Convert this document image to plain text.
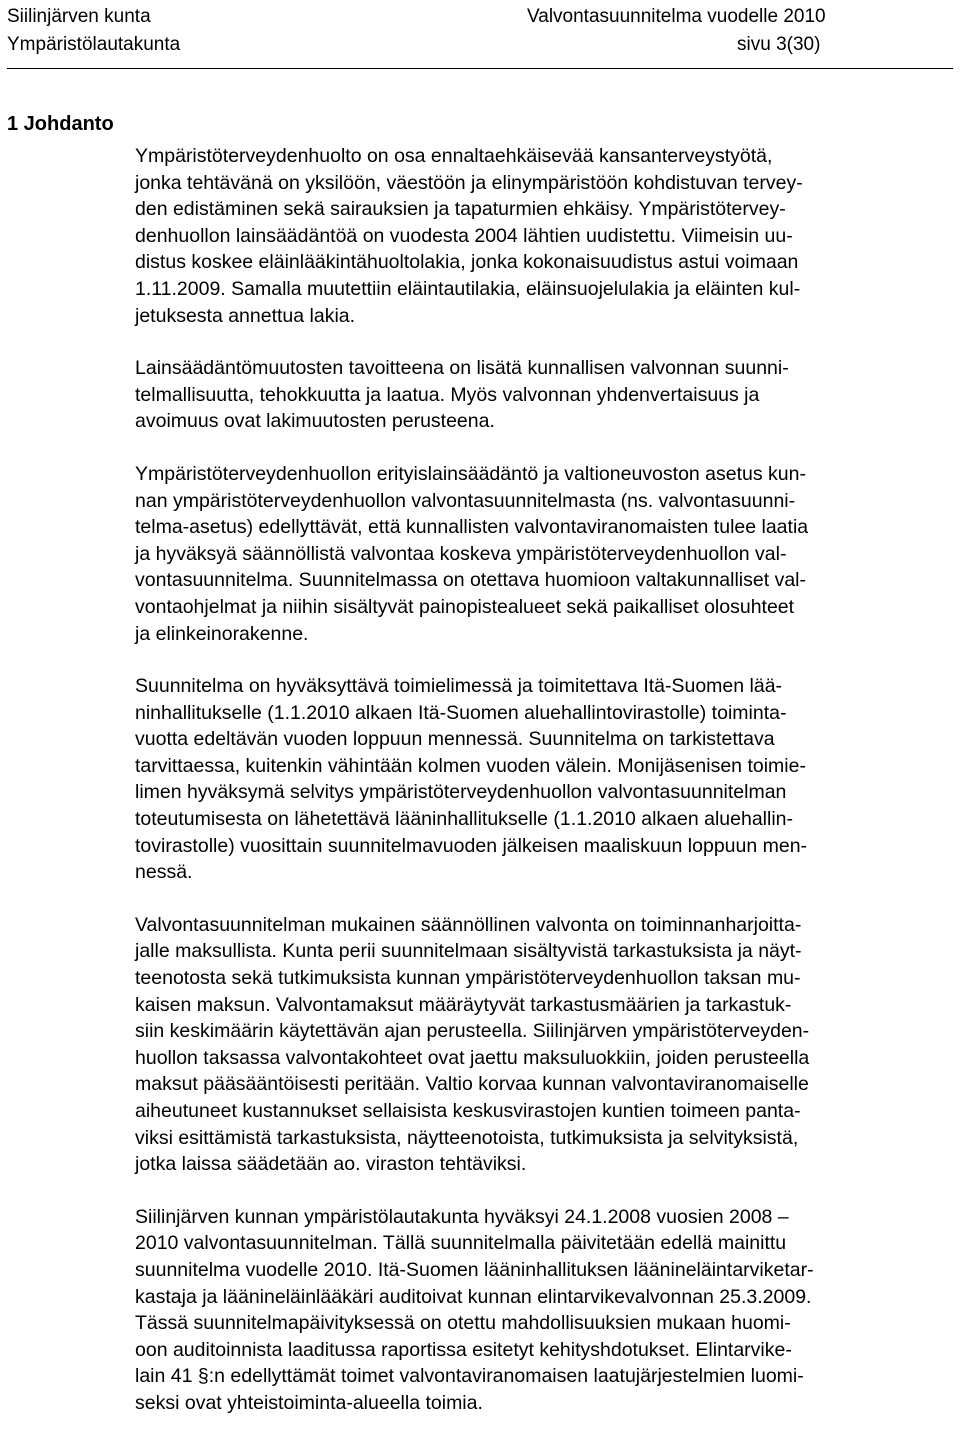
Siilinjärven kunta
Ympäristölautakunta
Valvontasuunnitelma vuodelle 2010
sivu 3(30)
1 Johdanto

Ympäristöterveydenhuolto on osa ennaltaehkäisevää kansanterveystyötä,
jonka tehtävänä on yksilöön, väestöön ja elinympäristöön kohdistuvan tervey-
den edistäminen sekä sairauksien ja tapaturmien ehkäisy. Ympäristötervey-
denhuollon lainsäädäntöä on vuodesta 2004 lähtien uudistettu. Viimeisin uu-
distus koskee eläinlääkintähuoltolakia, jonka kokonaisuudistus astui voimaan
1.11.2009. Samalla muutettiin eläintautilakia, eläinsuojelulakia ja eläinten kul-
jetuksesta annettua lakia.

Lainsäädäntömuutosten tavoitteena on lisätä kunnallisen valvonnan suunni-
telmallisuutta, tehokkuutta ja laatua. Myös valvonnan yhdenvertaisuus ja
avoimuus ovat lakimuutosten perusteena.

Ympäristöterveydenhuollon erityislainsäädäntö ja valtioneuvoston asetus kun-
nan ympäristöterveydenhuollon valvontasuunnitelmasta (ns. valvontasuunni-
telma-asetus) edellyttävät, että kunnallisten valvontaviranomaisten tulee laatia
ja hyväksyä säännöllistä valvontaa koskeva ympäristöterveydenhuollon val-
vontasuunnitelma. Suunnitelmassa on otettava huomioon valtakunnalliset val-
vontaohjelmat ja niihin sisältyvät painopistealueet sekä paikalliset olosuhteet
ja elinkeinorakenne.

Suunnitelma on hyväksyttävä toimielimessä ja toimitettava Itä-Suomen lää-
ninhallitukselle (1.1.2010 alkaen Itä-Suomen aluehallintovirastolle) toiminta-
vuotta edeltävän vuoden loppuun mennessä. Suunnitelma on tarkistettava
tarvittaessa, kuitenkin vähintään kolmen vuoden välein. Monijäsenisen toimie-
limen hyväksymä selvitys ympäristöterveydenhuollon valvontasuunnitelman
toteutumisesta on lähetettävä lääninhallitukselle (1.1.2010 alkaen aluehallin-
tovirastolle) vuosittain suunnitelmavuoden jälkeisen maaliskuun loppuun men-
nessä.

Valvontasuunnitelman mukainen säännöllinen valvonta on toiminnanharjoitta-
jalle maksullista. Kunta perii suunnitelmaan sisältyvistä tarkastuksista ja näyt-
teenotosta sekä tutkimuksista kunnan ympäristöterveydenhuollon taksan mu-
kaisen maksun. Valvontamaksut määräytyvät tarkastusmäärien ja tarkastuk-
siin keskimäärin käytettävän ajan perusteella. Siilinjärven ympäristöterveyden-
huollon taksassa valvontakohteet ovat jaettu maksuluokkiin, joiden perusteella
maksut pääsääntöisesti peritään. Valtio korvaa kunnan valvontaviranomaiselle
aiheutuneet kustannukset sellaisista keskusvirastojen kuntien toimeen panta-
viksi esittämistä tarkastuksista, näytteenotoista, tutkimuksista ja selvityksistä,
jotka laissa säädetään ao. viraston tehtäviksi.

Siilinjärven kunnan ympäristölautakunta hyväksyi 24.1.2008 vuosien 2008 –
2010 valvontasuunnitelman. Tällä suunnitelmalla päivitetään edellä mainittu
suunnitelma vuodelle 2010. Itä-Suomen lääninhallituksen läänineläintarviketar-
kastaja ja läänineläinlääkäri auditoivat kunnan elintarvikevalvonnan 25.3.2009.
Tässä suunnitelmapäivityksessä on otettu mahdollisuuksien mukaan huomi-
oon auditoinnista laaditussa raportissa esitetyt kehityshdotukset. Elintarvike-
lain 41 §:n edellyttämät toimet valvontaviranomaisen laatujärjestelmien luomi-
seksi ovat yhteistoiminta-alueella toimia.
